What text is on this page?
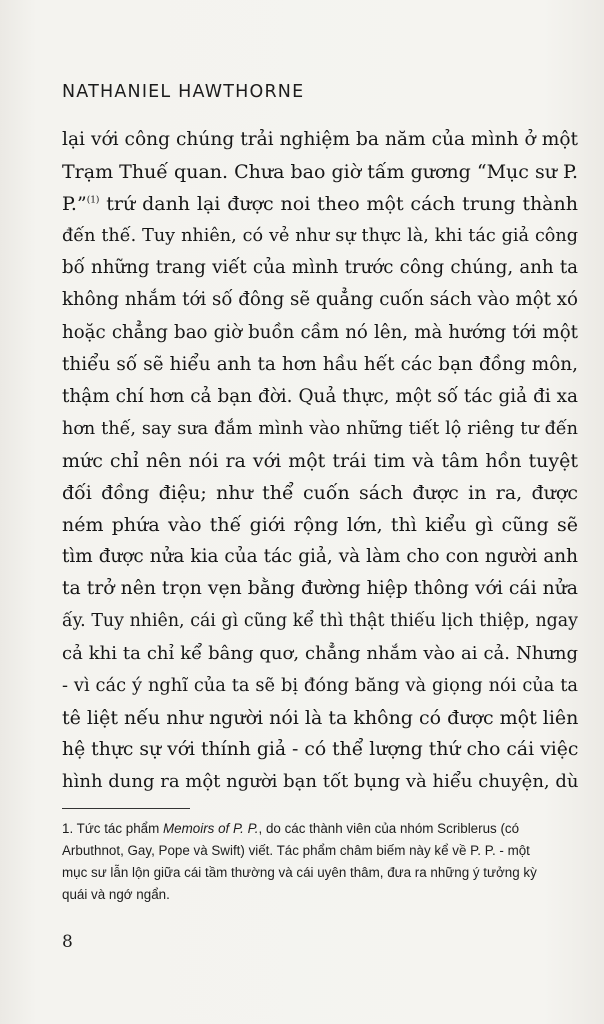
NATHANIEL HAWTHORNE
lại với công chúng trải nghiệm ba năm của mình ở một
Trạm Thuế quan. Chưa bao giờ tấm gương “Mục sư P.
P.”$^{(1)}$ trứ danh lại được noi theo một cách trung thành
đến thế. Tuy nhiên, có vẻ như sự thực là, khi tác giả công
bố những trang viết của mình trước công chúng, anh ta
không nhắm tới số đông sẽ quẳng cuốn sách vào một xó
hoặc chẳng bao giờ buồn cầm nó lên, mà hướng tới một
thiểu số sẽ hiểu anh ta hơn hầu hết các bạn đồng môn,
thậm chí hơn cả bạn đời. Quả thực, một số tác giả đi xa
hơn thế, say sưa đắm mình vào những tiết lộ riêng tư đến
mức chỉ nên nói ra với một trái tim và tâm hồn tuyệt
đối đồng điệu; như thể cuốn sách được in ra, được
ném phứa vào thế giới rộng lớn, thì kiểu gì cũng sẽ
tìm được nửa kia của tác giả, và làm cho con người anh
ta trở nên trọn vẹn bằng đường hiệp thông với cái nửa
ấy. Tuy nhiên, cái gì cũng kể thì thật thiếu lịch thiệp, ngay
cả khi ta chỉ kể bâng quơ, chẳng nhắm vào ai cả. Nhưng
- vì các ý nghĩ của ta sẽ bị đóng băng và giọng nói của ta
tê liệt nếu như người nói là ta không có được một liên
hệ thực sự với thính giả - có thể lượng thứ cho cái việc
hình dung ra một người bạn tốt bụng và hiểu chuyện, dù
1. Tức tác phẩm Memoirs of P. P., do các thành viên của nhóm Scriblerus (có
Arbuthnot, Gay, Pope và Swift) viết. Tác phẩm châm biếm này kể về P. P. - một
mục sư lẫn lộn giữa cái tầm thường và cái uyên thâm, đưa ra những ý tưởng kỳ
quái và ngớ ngẩn.
8
